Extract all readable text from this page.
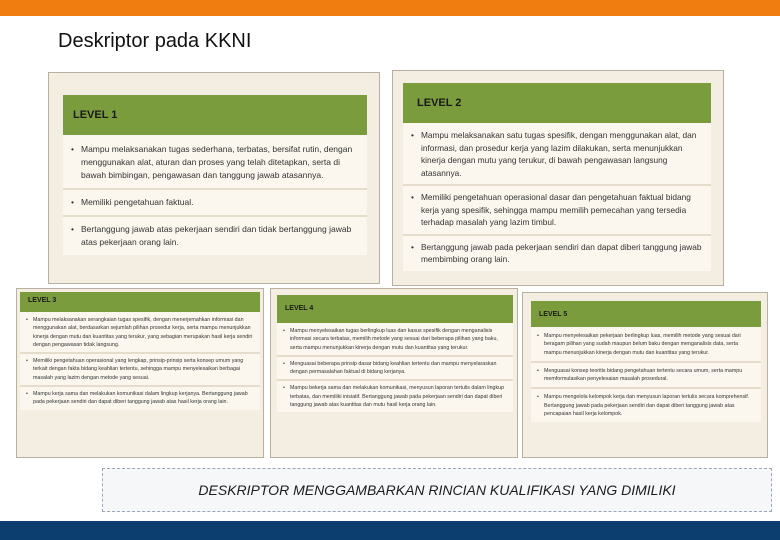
Deskriptor pada KKNI
LEVEL 1
• Mampu melaksanakan tugas sederhana, terbatas, bersifat rutin, dengan menggunakan alat, aturan dan proses yang telah ditetapkan, serta di bawah bimbingan, pengawasan dan tanggung jawab atasannya.
• Memiliki pengetahuan faktual.
• Bertanggung jawab atas pekerjaan sendiri dan tidak bertanggung jawab atas pekerjaan orang lain.
LEVEL 2
• Mampu melaksanakan satu tugas spesifik, dengan menggunakan alat, dan informasi, dan prosedur kerja yang lazim dilakukan, serta menunjukkan kinerja dengan mutu yang terukur, di bawah pengawasan langsung atasannya.
• Memiliki pengetahuan operasional dasar dan pengetahuan faktual bidang kerja yang spesifik, sehingga mampu memilih pemecahan yang tersedia terhadap masalah yang lazim timbul.
• Bertanggung jawab pada pekerjaan sendiri dan dapat diberi tanggung jawab membimbing orang lain.
LEVEL 3
• Mampu melaksanakan serangkaian tugas spesifik, dengan menerjemahkan informasi dan menggunakan alat, berdasarkan sejumlah pilihan prosedur kerja, serta mampu menunjukkan kinerja dengan mutu dan kuantitas yang terukur, yang sebagian merupakan hasil kerja sendiri dengan pengawasan tidak langsung.
• Memiliki pengetahuan operasional yang lengkap, prinsip-prinsip serta konsep umum yang terkait dengan fakta bidang keahlian tertentu, sehingga mampu menyelesaikan berbagai masalah yang lazim dengan metode yang sesuai.
• Mampu kerja sama dan melakukan komunikasi dalam lingkup kerjanya. Bertanggung jawab pada pekerjaan sendiri dan dapat diberi tanggung jawab atas hasil kerja orang lain.
LEVEL 4
• Mampu menyelesaikan tugas berlingkup luas dan kasus spesifik dengan menganalisis informasi secara terbatas, memilih metode yang sesuai dari beberapa pilihan yang baku, serta mampu menunjukkan kinerja dengan mutu dan kuantitas yang terukur.
• Menguasai beberapa prinsip dasar bidang keahlian tertentu dan mampu menyelaraskan dengan permasalahan faktual di bidang kerjanya.
• Mampu bekerja sama dan melakukan komunikasi, menyusun laporan tertulis dalam lingkup terbatas, dan memiliki inisiatif. Bertanggung jawab pada pekerjaan sendiri dan dapat diberi tanggung jawab atas kuantitas dan mutu hasil kerja orang lain.
LEVEL 5
• Mampu menyelesaikan pekerjaan berlingkup luas, memilih metode yang sesuai dari beragam pilihan yang sudah maupun belum baku dengan menganalisis data, serta mampu menunjukkan kinerja dengan mutu dan kuantitas yang terukur.
• Menguasai konsep teoritis bidang pengetahuan tertentu secara umum, serta mampu memformulasikan penyelesaian masalah prosedural.
• Mampu mengelola kelompok kerja dan menyusun laporan tertulis secara komprehensif. Bertanggung jawab pada pekerjaan sendiri dan dapat diberi tanggung jawab atas pencapaian hasil kerja kelompok.
DESKRIPTOR MENGGAMBARKAN RINCIAN KUALIFIKASI YANG DIMILIKI
